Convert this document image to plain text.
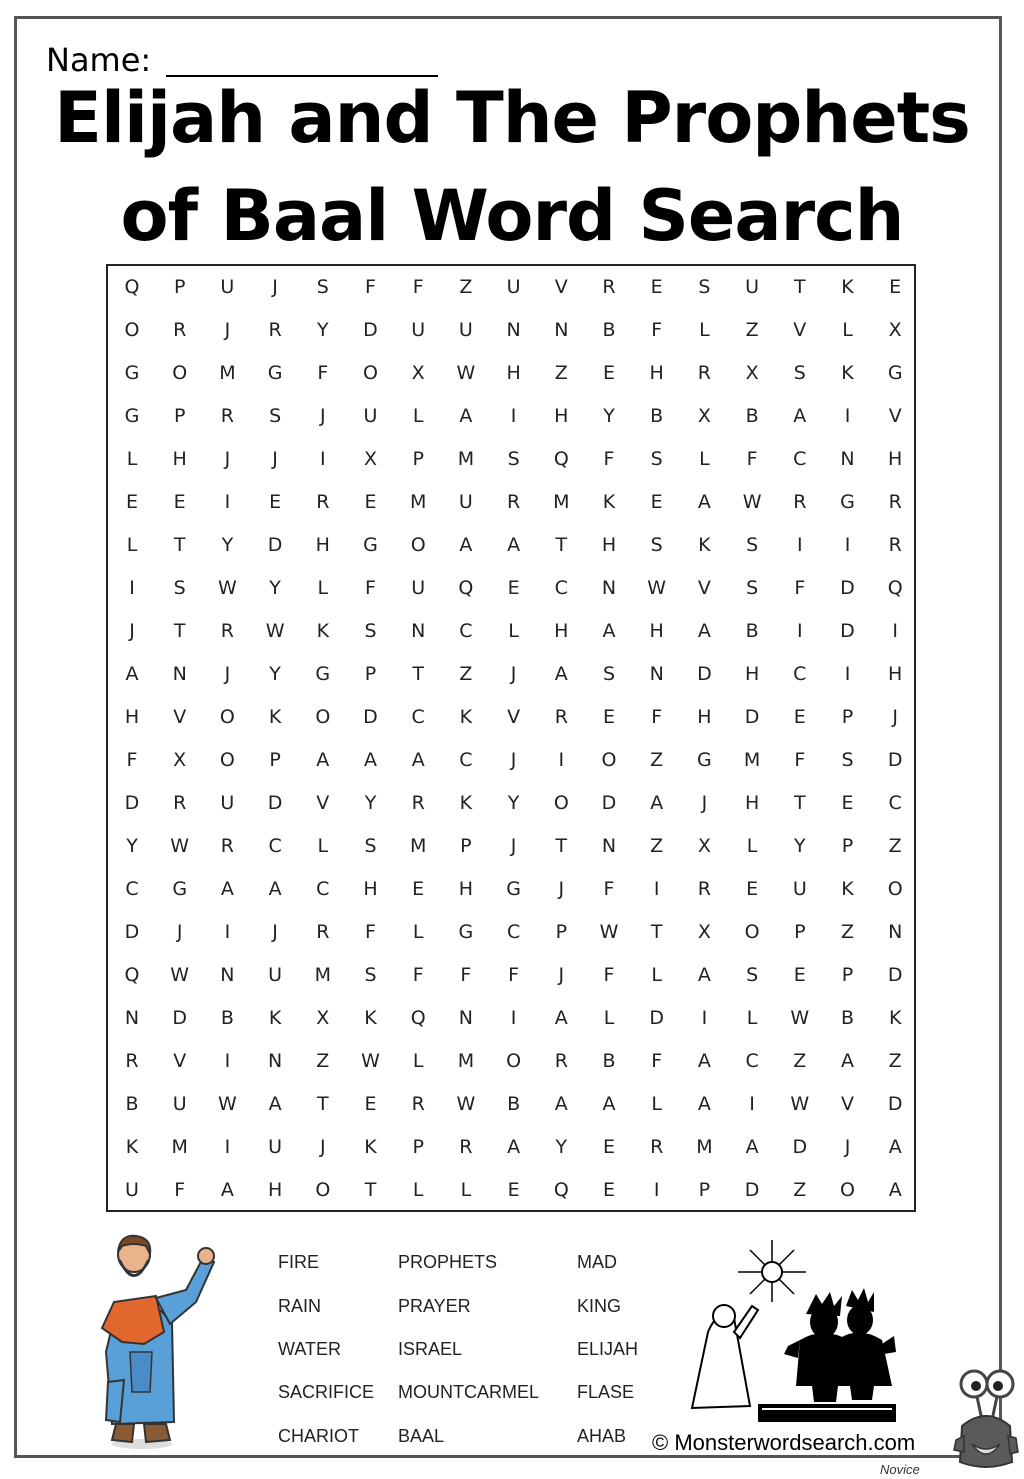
Name:
Elijah and The Prophets
of Baal Word Search
Q	P	U	J	S	F	F	Z	U	V	R	E	S	U	T	K	E
O	R	J	R	Y	D	U	U	N	N	B	F	L	Z	V	L	X
G	O	M	G	F	O	X	W	H	Z	E	H	R	X	S	K	G
G	P	R	S	J	U	L	A	I	H	Y	B	X	B	A	I	V
L	H	J	J	I	X	P	M	S	Q	F	S	L	F	C	N	H
E	E	I	E	R	E	M	U	R	M	K	E	A	W	R	G	R
L	T	Y	D	H	G	O	A	A	T	H	S	K	S	I	I	R
I	S	W	Y	L	F	U	Q	E	C	N	W	V	S	F	D	Q
J	T	R	W	K	S	N	C	L	H	A	H	A	B	I	D	I
A	N	J	Y	G	P	T	Z	J	A	S	N	D	H	C	I	H
H	V	O	K	O	D	C	K	V	R	E	F	H	D	E	P	J
F	X	O	P	A	A	A	C	J	I	O	Z	G	M	F	S	D
D	R	U	D	V	Y	R	K	Y	O	D	A	J	H	T	E	C
Y	W	R	C	L	S	M	P	J	T	N	Z	X	L	Y	P	Z
C	G	A	A	C	H	E	H	G	J	F	I	R	E	U	K	O
D	J	I	J	R	F	L	G	C	P	W	T	X	O	P	Z	N
Q	W	N	U	M	S	F	F	F	J	F	L	A	S	E	P	D
N	D	B	K	X	K	Q	N	I	A	L	D	I	L	W	B	K
R	V	I	N	Z	W	L	M	O	R	B	F	A	C	Z	A	Z
B	U	W	A	T	E	R	W	B	A	A	L	A	I	W	V	D
K	M	I	U	J	K	P	R	A	Y	E	R	M	A	D	J	A
U	F	A	H	O	T	L	L	E	Q	E	I	P	D	Z	O	A
FIRE
RAIN
WATER
SACRIFICE
CHARIOT
PROPHETS
PRAYER
ISRAEL
MOUNTCARMEL
BAAL
MAD
KING
ELIJAH
FLASE
AHAB © Monsterwordsearch.com
Novice
